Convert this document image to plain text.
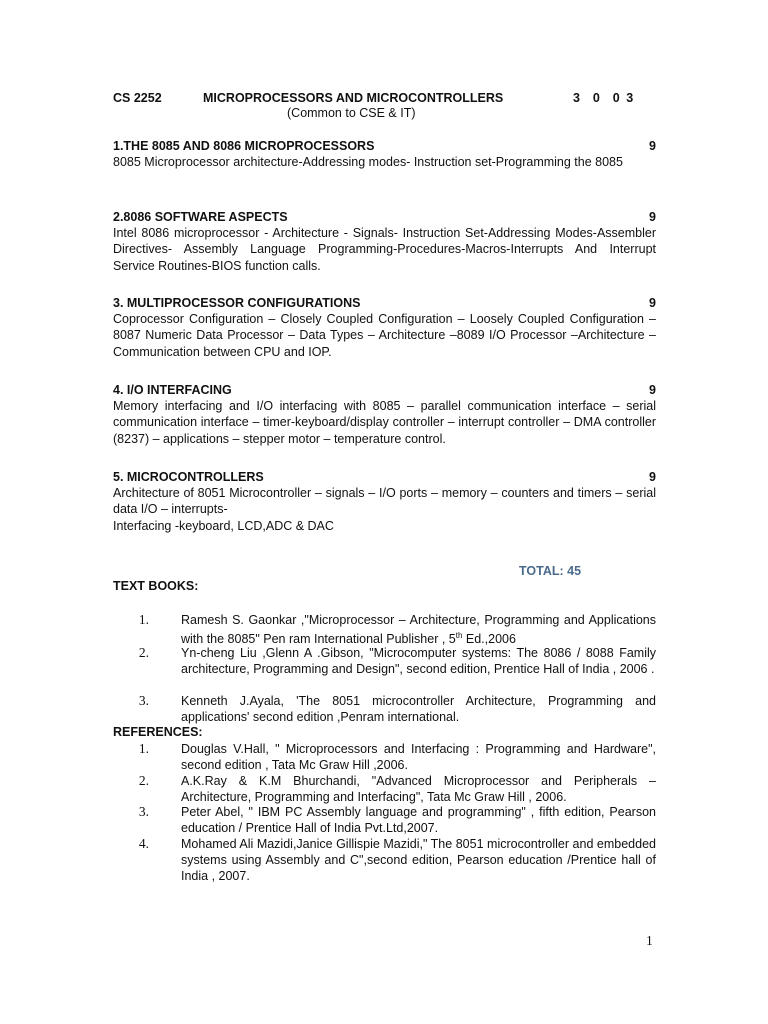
CS 2252	MICROPROCESSORS AND MICROCONTROLLERS	3  0  0 3
(Common to CSE & IT)
1.THE 8085 AND 8086 MICROPROCESSORS	9
8085 Microprocessor architecture-Addressing modes- Instruction set-Programming the 8085
2.8086 SOFTWARE ASPECTS	9
Intel 8086 microprocessor - Architecture - Signals- Instruction Set-Addressing Modes-Assembler Directives- Assembly Language Programming-Procedures-Macros-Interrupts And Interrupt Service Routines-BIOS function calls.
3. MULTIPROCESSOR CONFIGURATIONS	9
Coprocessor Configuration – Closely Coupled Configuration – Loosely Coupled Configuration –8087 Numeric Data Processor – Data Types – Architecture –8089 I/O Processor –Architecture –Communication between CPU and IOP.
4. I/O INTERFACING	9
Memory interfacing and I/O interfacing with 8085 – parallel communication interface – serial communication interface – timer-keyboard/display controller – interrupt controller – DMA controller (8237) – applications – stepper motor – temperature control.
5. MICROCONTROLLERS	9
Architecture of 8051 Microcontroller – signals – I/O ports – memory – counters and timers – serial data I/O – interrupts-
Interfacing -keyboard, LCD,ADC & DAC
TOTAL: 45
TEXT BOOKS:
1.	Ramesh S. Gaonkar ,"Microprocessor – Architecture, Programming and Applications with the 8085" Pen ram International Publisher , 5th Ed.,2006
2.	Yn-cheng Liu ,Glenn A .Gibson, "Microcomputer systems: The 8086 / 8088 Family architecture, Programming and Design", second edition, Prentice Hall of India , 2006 .
3.	Kenneth J.Ayala, 'The 8051 microcontroller Architecture, Programming and applications' second edition ,Penram international.
REFERENCES:
1.	Douglas V.Hall, " Microprocessors and Interfacing : Programming and Hardware", second edition , Tata Mc Graw Hill ,2006.
2.	A.K.Ray & K.M Bhurchandi, "Advanced Microprocessor and Peripherals – Architecture, Programming and Interfacing", Tata Mc Graw Hill , 2006.
3.	Peter Abel, " IBM PC Assembly language and programming" , fifth edition, Pearson education / Prentice Hall of India Pvt.Ltd,2007.
4.	Mohamed Ali Mazidi,Janice Gillispie Mazidi," The 8051 microcontroller and embedded systems using Assembly and C",second edition, Pearson education /Prentice hall of India , 2007.
1
